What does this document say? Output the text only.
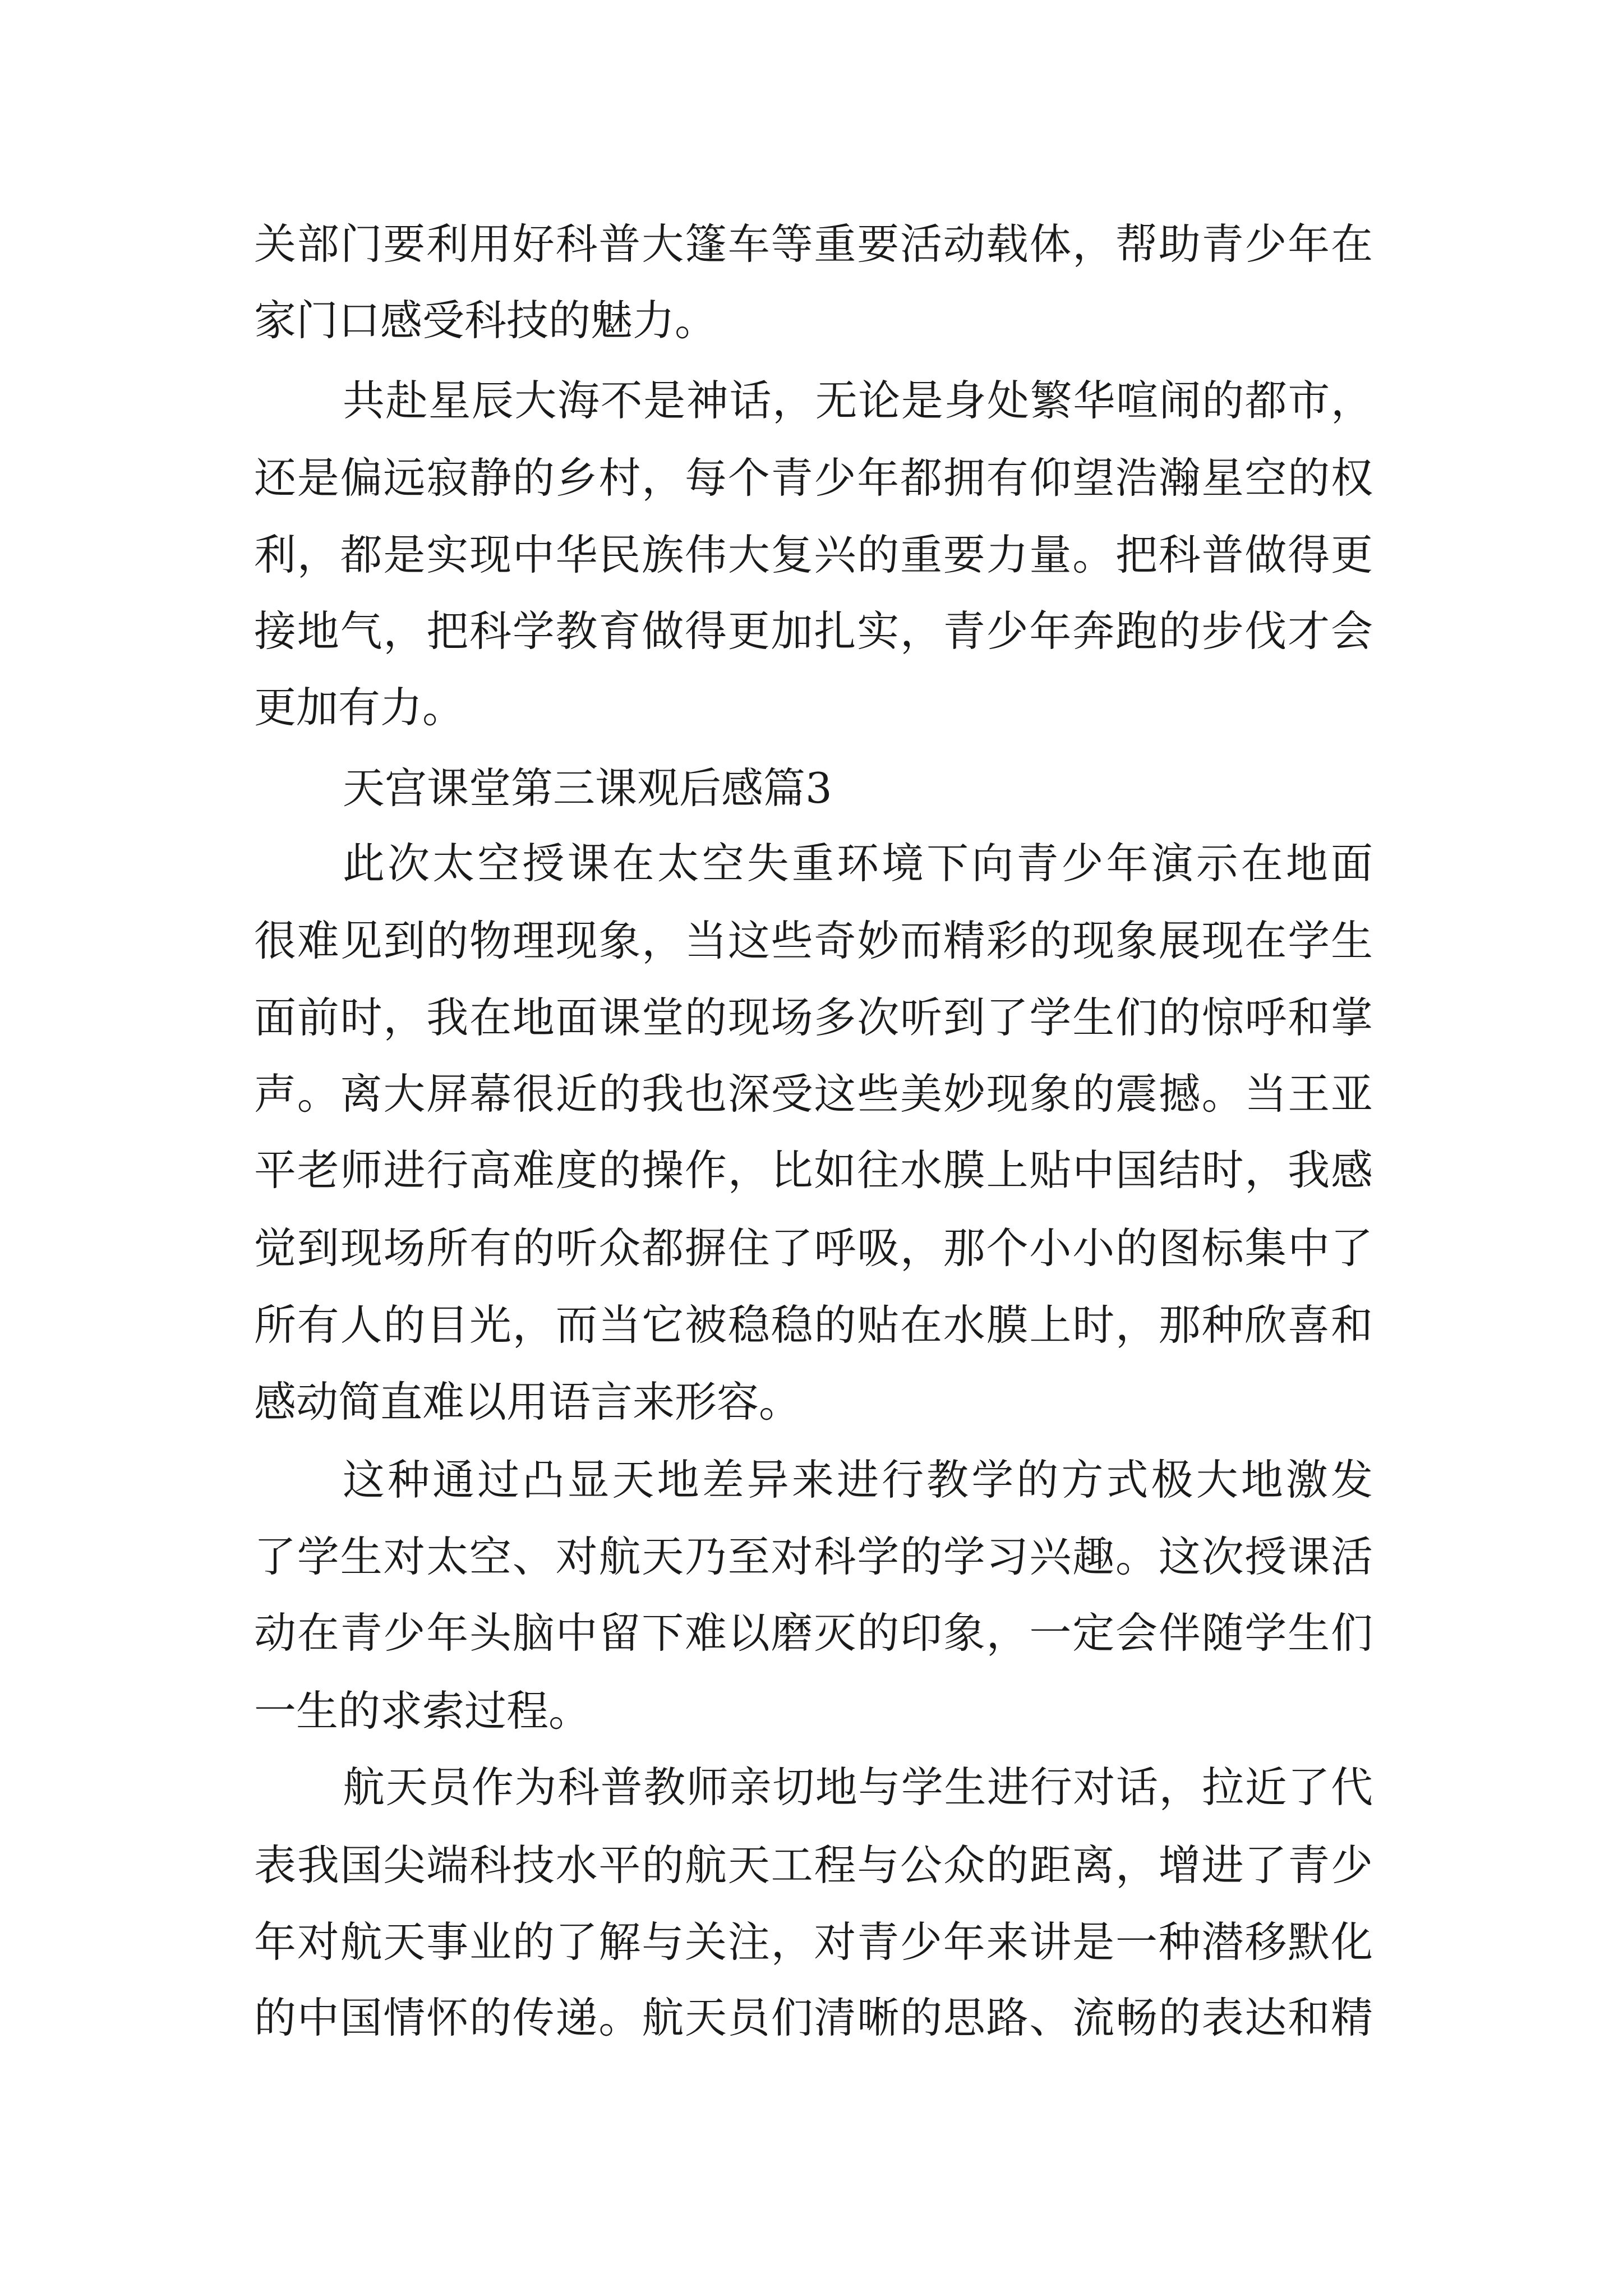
关部门要利用好科普大篷车等重要活动载体，帮助青少年在

家门口感受科技的魅力。

共赴星辰大海不是神话，无论是身处繁华喧闹的都市，

还是偏远寂静的乡村，每个青少年都拥有仰望浩瀚星空的权

利，都是实现中华民族伟大复兴的重要力量。把科普做得更

接地气，把科学教育做得更加扎实，青少年奔跑的步伐才会

更加有力。

天宫课堂第三课观后感篇3

此次太空授课在太空失重环境下向青少年演示在地面

很难见到的物理现象，当这些奇妙而精彩的现象展现在学生

面前时，我在地面课堂的现场多次听到了学生们的惊呼和掌

声。离大屏幕很近的我也深受这些美妙现象的震撼。当王亚

平老师进行高难度的操作，比如往水膜上贴中国结时，我感

觉到现场所有的听众都摒住了呼吸，那个小小的图标集中了

所有人的目光，而当它被稳稳的贴在水膜上时，那种欣喜和

感动简直难以用语言来形容。

这种通过凸显天地差异来进行教学的方式极大地激发

了学生对太空、对航天乃至对科学的学习兴趣。这次授课活

动在青少年头脑中留下难以磨灭的印象，一定会伴随学生们

一生的求索过程。

航天员作为科普教师亲切地与学生进行对话，拉近了代

表我国尖端科技水平的航天工程与公众的距离，增进了青少

年对航天事业的了解与关注，对青少年来讲是一种潜移默化

的中国情怀的传递。航天员们清晰的思路、流畅的表达和精
